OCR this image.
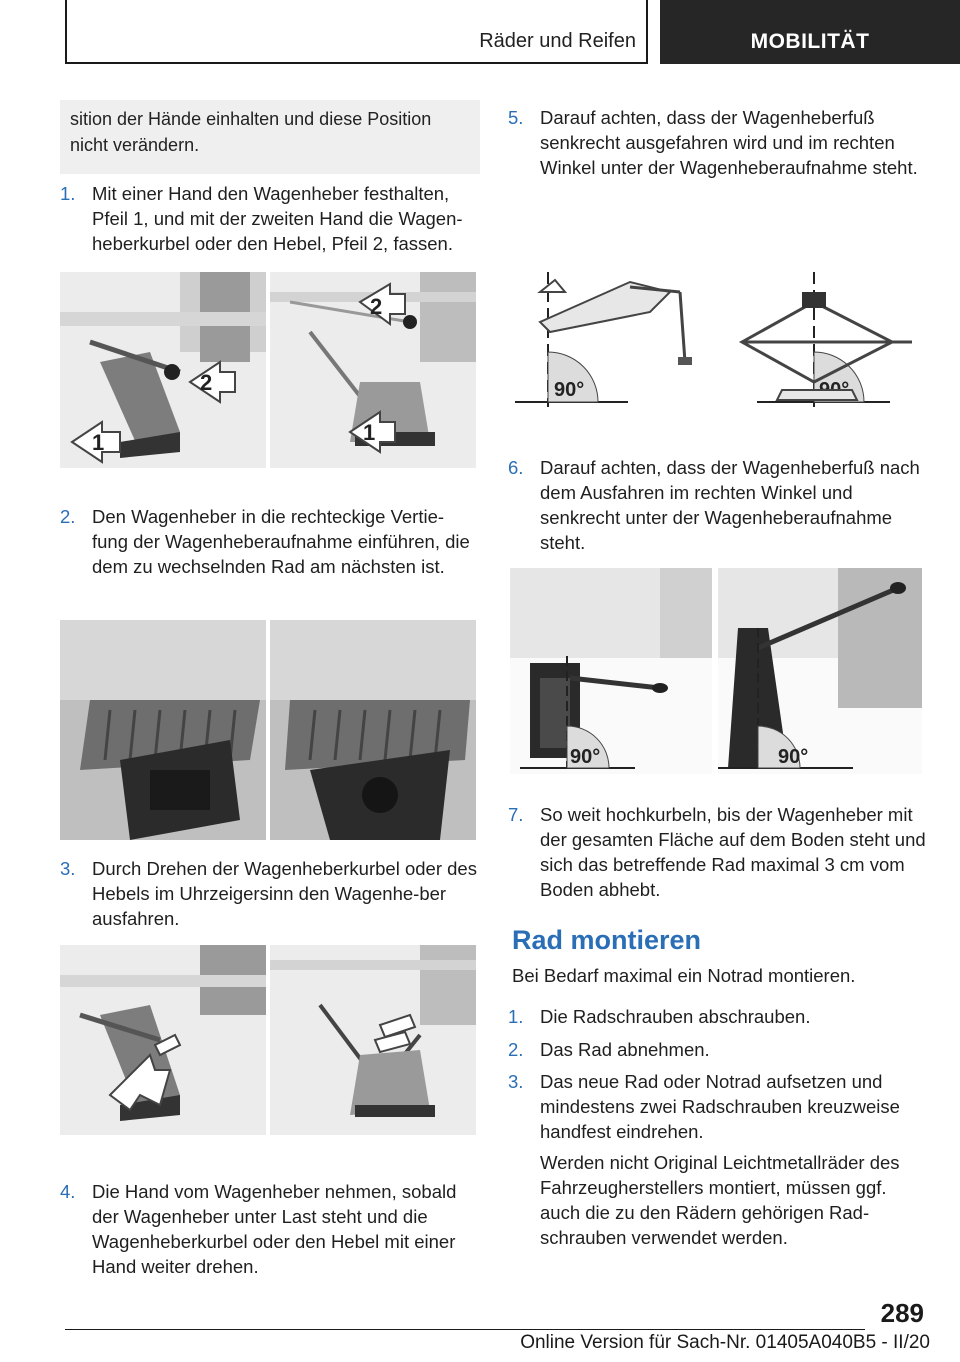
Räder und Reifen	MOBILITÄT
sition der Hände einhalten und diese Position nicht verändern.
1. Mit einer Hand den Wagenheber festhalten, Pfeil 1, und mit der zweiten Hand die Wagen-heberkurbel oder den Hebel, Pfeil 2, fassen.
2
1
2
1
2. Den Wagenheber in die rechteckige Vertie-fung der Wagenheberaufnahme einführen, die dem zu wechselnden Rad am nächsten ist.
3. Durch Drehen der Wagenheberkurbel oder des Hebels im Uhrzeigersinn den Wagenhe-ber ausfahren.
4. Die Hand vom Wagenheber nehmen, sobald der Wagenheber unter Last steht und die Wagenheberkurbel oder den Hebel mit einer Hand weiter drehen.
5. Darauf achten, dass der Wagenheberfuß senkrecht ausgefahren wird und im rechten Winkel unter der Wagenheberaufnahme steht.
90°
6. Darauf achten, dass der Wagenheberfuß nach dem Ausfahren im rechten Winkel und senkrecht unter der Wagenheberaufnahme steht.
90°	90°
7. So weit hochkurbeln, bis der Wagenheber mit der gesamten Fläche auf dem Boden steht und sich das betreffende Rad maximal 3 cm vom Boden abhebt.
Rad montieren
Bei Bedarf maximal ein Notrad montieren.
1. Die Radschrauben abschrauben.
2. Das Rad abnehmen.
3. Das neue Rad oder Notrad aufsetzen und mindestens zwei Radschrauben kreuzweise handfest eindrehen.
Werden nicht Original Leichtmetallräder des Fahrzeugherstellers montiert, müssen ggf. auch die zu den Rädern gehörigen Rad-schrauben verwendet werden.
289
Online Version für Sach-Nr. 01405A040B5 - II/20
